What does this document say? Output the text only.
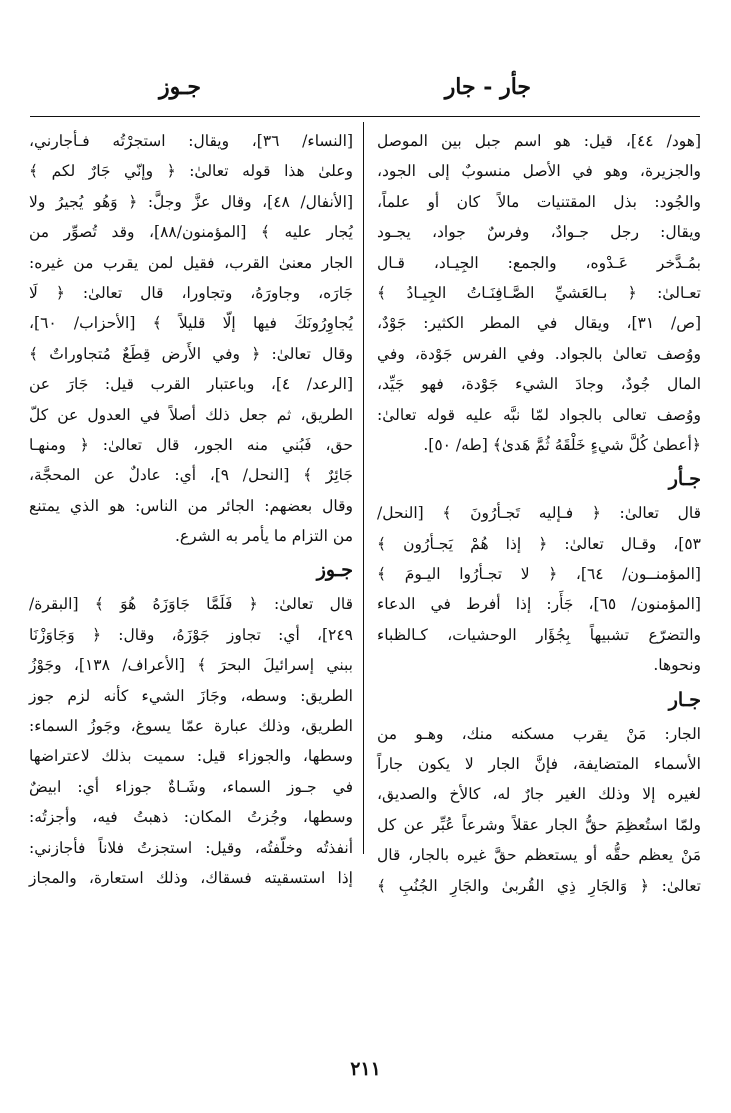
جأر - جار
جـوز
[هود/ ٤٤]، قيل: هو اسم جبل بين الموصل
والجزيرة، وهو في الأصل منسوبٌ إلى الجود،
والجُود: بذل المقتنيات مالاً كان أو علماً،
ويقال: رجل جـوادٌ، وفرسٌ جواد، يجـود
بمُـدَّخر عَـدْوه، والجمع: الجِيـاد، قـال
تعـالىٰ: ﴿ بـالعَشيِّ الصَّـافِنَـاتُ الجِيـادُ ﴾
[ص/ ٣١]، ويقال في المطر الكثير: جَوْدٌ،
ووُصف تعالىٰ بالجواد. وفي الفرس جَوْدة، وفي
المال جُودٌ، وجادَ الشيء جَوْدة، فهو جَيِّد،
ووُصف تعالى بالجواد لمّا نبَّه عليه قوله تعالىٰ:
﴿أعطىٰ كُلَّ شيءٍ خَلْقَهُ ثُمَّ هَدىٰ﴾ [طه/ ٥٠].
جـأر
قال تعالىٰ: ﴿ فـإليه تَجـأرُونَ ﴾ [النحل/
٥٣]، وقـال تعالىٰ: ﴿ إذا هُمْ يَجـأرُون ﴾
[المؤمنــون/ ٦٤]، ﴿ لا تجـأرُوا اليـومَ ﴾
[المؤمنون/ ٦٥]، جَأَر: إذا أفرط في الدعاء
والتضرّع تشبيهاً بِجُؤَار الوحشيات، كـالظباء
ونحوها.
جـار
الجار: مَنْ يقرب مسكنه منك، وهـو من
الأسماء المتضايفة، فإنَّ الجار لا يكون جاراً
لغيره إلا وذلك الغير جارٌ له، كالأخ والصديق،
ولمّا استُعظِمَ حقُّ الجار عقلاً وشرعاً عُبِّر عن كل
مَنْ يعظم حقُّه أو يستعظم حقَّ غيره بالجار، قال
تعالىٰ: ﴿ وَالجَارِ ذِي القُربىٰ والجَارِ الجُنُبِ ﴾
[النساء/ ٣٦]، ويقال: استجرْتُه فـأجارني،
وعلىٰ هذا قوله تعالىٰ: ﴿ وإنّي جَارٌ لكم ﴾
[الأنفال/ ٤٨]، وقال عزَّ وجلَّ: ﴿ وَهُو يُجيرُ ولا
يُجار عليه ﴾ [المؤمنون/٨٨]، وقد تُصوِّر من
الجار معنىٰ القرب، فقيل لمن يقرب من غيره:
جَارَه، وجاورَهُ، وتجاورا، قال تعالىٰ: ﴿ لَا
يُجاوِرُونَكَ فيها إلّا قليلاً ﴾ [الأحزاب/ ٦٠]،
وقال تعالىٰ: ﴿ وفي الأَرض قِطَعٌ مُتجاوراتٌ ﴾
[الرعد/ ٤]، وباعتبار القرب قيل: جَارَ عن
الطريق، ثم جعل ذلك أصلاً في العدول عن كلّ
حق، فَبُني منه الجور، قال تعالىٰ: ﴿ ومنهـا
جَائِرٌ ﴾ [النحل/ ٩]، أي: عادلٌ عن المحجَّة،
وقال بعضهم: الجائر من الناس: هو الذي يمتنع
من التزام ما يأمر به الشرع.
جـوز
قال تعالىٰ: ﴿ فَلَمَّا جَاوَزَهُ هُوَ ﴾ [البقرة/
٢٤٩]، أي: تجاوز جَوْزَهُ، وقال: ﴿ وَجَاوَزْنَا
ببني إسرائيلَ البحرَ ﴾ [الأعراف/ ١٣٨]، وجَوْزُ
الطريق: وسطه، وجَازَ الشيء كأنه لزم جوز
الطريق، وذلك عبارة عمّا يسوغ، وجَوزُ السماء:
وسطها، والجوزاء قيل: سميت بذلك لاعتراضها
في جـوز السماء، وشَـاةٌ جوزاء أي: ابيضٌ
وسطها، وجُزتُ المكان: ذهبتُ فيه، وأجزتُه:
أنفذتُه وخلّفتُه، وقيل: استجزتُ فلاناً فأجازني:
إذا استسقيته فسقاك، وذلك استعارة، والمجاز

٢١١
